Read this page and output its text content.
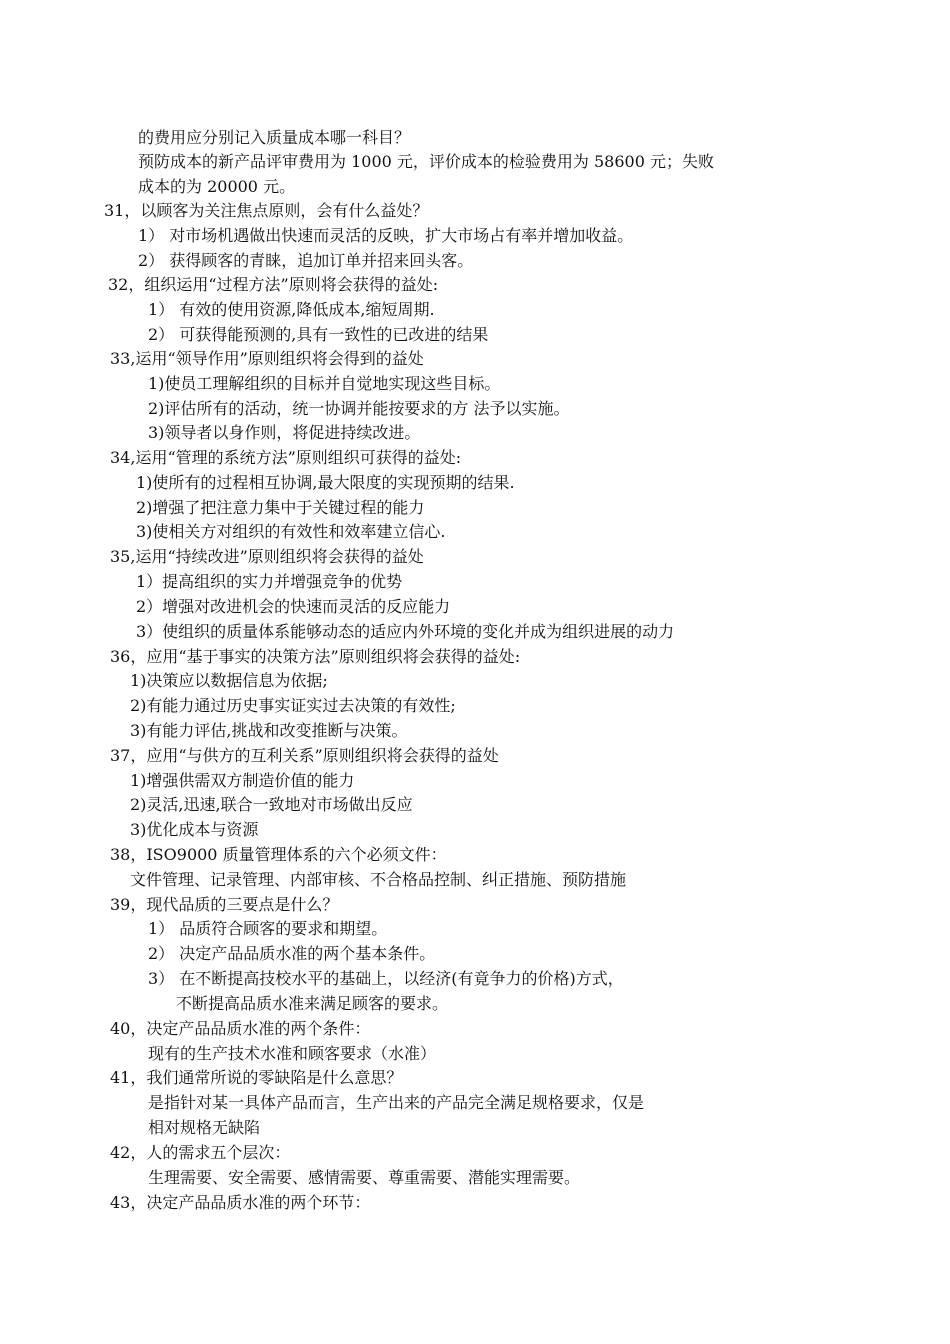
的费用应分别记入质量成本哪一科目？
预防成本的新产品评审费用为 1000 元，评价成本的检验费用为 58600 元；失败
成本的为 20000 元。
31，以顾客为关注焦点原则，会有什么益处？
1） 对市场机遇做出快速而灵活的反映，扩大市场占有率并增加收益。
2） 获得顾客的青睐，追加订单并招来回头客。
32，组织运用“过程方法”原则将会获得的益处:
1） 有效的使用资源,降低成本,缩短周期.
2） 可获得能预测的,具有一致性的已改进的结果
33,运用“领导作用”原则组织将会得到的益处
1)使员工理解组织的目标并自觉地实现这些目标。
2)评估所有的活动，统一协调并能按要求的方 法予以实施。
3)领导者以身作则，将促进持续改进。
34,运用“管理的系统方法”原则组织可获得的益处:
1)使所有的过程相互协调,最大限度的实现预期的结果.
2)增强了把注意力集中于关键过程的能力
3)使相关方对组织的有效性和效率建立信心.
35,运用“持续改进”原则组织将会获得的益处
1）提高组织的实力并增强竞争的优势
2）增强对改进机会的快速而灵活的反应能力
3）使组织的质量体系能够动态的适应内外环境的变化并成为组织进展的动力
36，应用“基于事实的决策方法”原则组织将会获得的益处:
1)决策应以数据信息为依据;
2)有能力通过历史事实证实过去决策的有效性;
3)有能力评估,挑战和改变推断与决策。
37，应用“与供方的互利关系”原则组织将会获得的益处
1)增强供需双方制造价值的能力
2)灵活,迅速,联合一致地对市场做出反应
3)优化成本与资源
38，ISO9000 质量管理体系的六个必须文件：
文件管理、记录管理、内部审核、不合格品控制、纠正措施、预防措施
39，现代品质的三要点是什么？
1） 品质符合顾客的要求和期望。
2） 决定产品品质水准的两个基本条件。
3） 在不断提高技校水平的基础上，以经济(有竟争力的价格)方式，
不断提高品质水准来满足顾客的要求。
40，决定产品品质水准的两个条件：
现有的生产技术水准和顾客要求（水准）
41，我们通常所说的零缺陷是什么意思？
是指针对某一具体产品而言，生产出来的产品完全满足规格要求，仅是
相对规格无缺陷
42，人的需求五个层次：
生理需要、安全需要、感情需要、尊重需要、潜能实理需要。
43，决定产品品质水准的两个环节：
